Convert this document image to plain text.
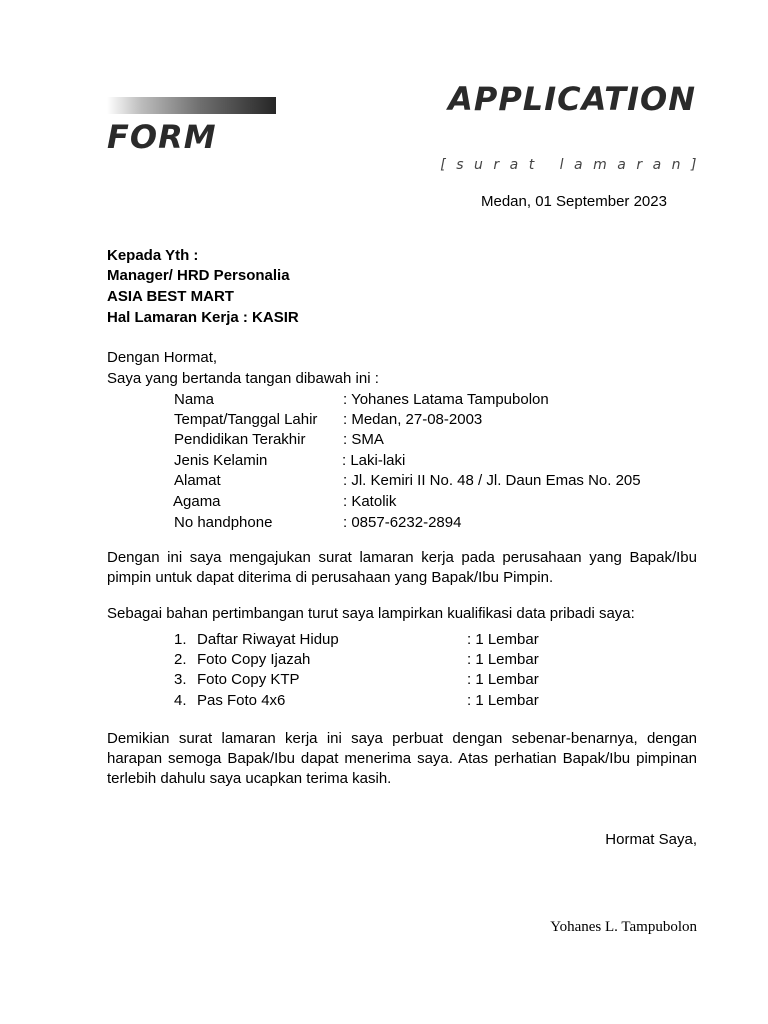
APPLICATION
FORM
[surat lamaran]
Medan, 01 September 2023
Kepada Yth :
Manager/ HRD Personalia
ASIA BEST MART
Hal Lamaran Kerja : KASIR
Dengan Hormat,
Saya yang bertanda tangan dibawah ini :
Nama	: Yohanes Latama Tampubolon
Tempat/Tanggal Lahir : Medan, 27-08-2003
Pendidikan Terakhir	: SMA
Jenis Kelamin	: Laki-laki
Alamat	: Jl. Kemiri II No. 48 / Jl. Daun Emas No. 205
Agama	: Katolik
No handphone	: 0857-6232-2894
Dengan ini saya mengajukan surat lamaran kerja pada perusahaan yang Bapak/Ibu pimpin untuk dapat diterima di perusahaan yang Bapak/Ibu Pimpin.
Sebagai bahan pertimbangan turut saya lampirkan kualifikasi data pribadi saya:
1. Daftar Riwayat Hidup	: 1 Lembar
2. Foto Copy Ijazah	: 1 Lembar
3. Foto Copy KTP	: 1 Lembar
4. Pas Foto 4x6	: 1 Lembar
Demikian surat lamaran kerja ini saya perbuat dengan sebenar-benarnya, dengan harapan semoga Bapak/Ibu dapat menerima saya. Atas perhatian Bapak/Ibu pimpinan terlebih dahulu saya ucapkan terima kasih.
Hormat Saya,
Yohanes L. Tampubolon
